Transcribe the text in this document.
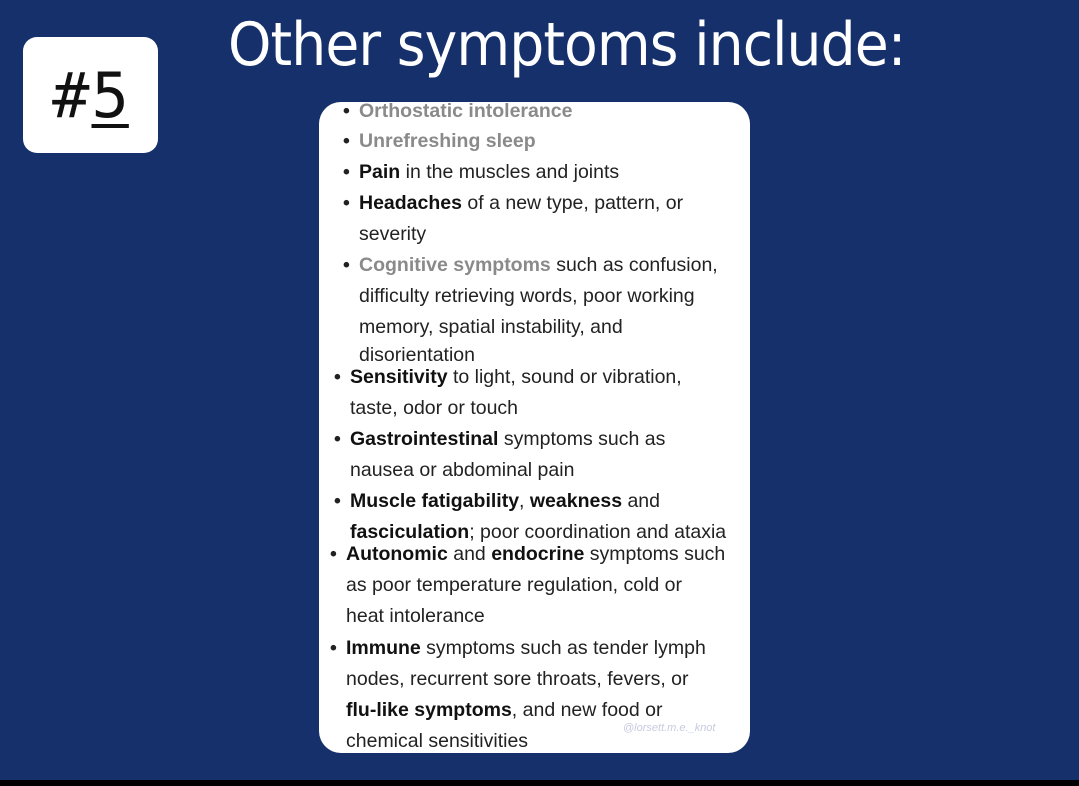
# 5
Other symptoms include:
• Orthostatic intolerance
• Unrefreshing sleep
• Pain in the muscles and joints
• Headaches of a new type, pattern, or
severity
• Cognitive symptoms such as confusion,
difficulty retrieving words, poor working
memory, spatial instability, and
disorientation
• Sensitivity to light, sound or vibration,
taste, odor or touch
• Gastrointestinal symptoms such as
nausea or abdominal pain
• Muscle fatigability, weakness and
fasciculation; poor coordination and ataxia
• Autonomic and endocrine symptoms such
as poor temperature regulation, cold or
heat intolerance
• Immune symptoms such as tender lymph
nodes, recurrent sore throats, fevers, or
flu-like symptoms, and new food or
chemical sensitivities
@lorsett.m.e._knot
